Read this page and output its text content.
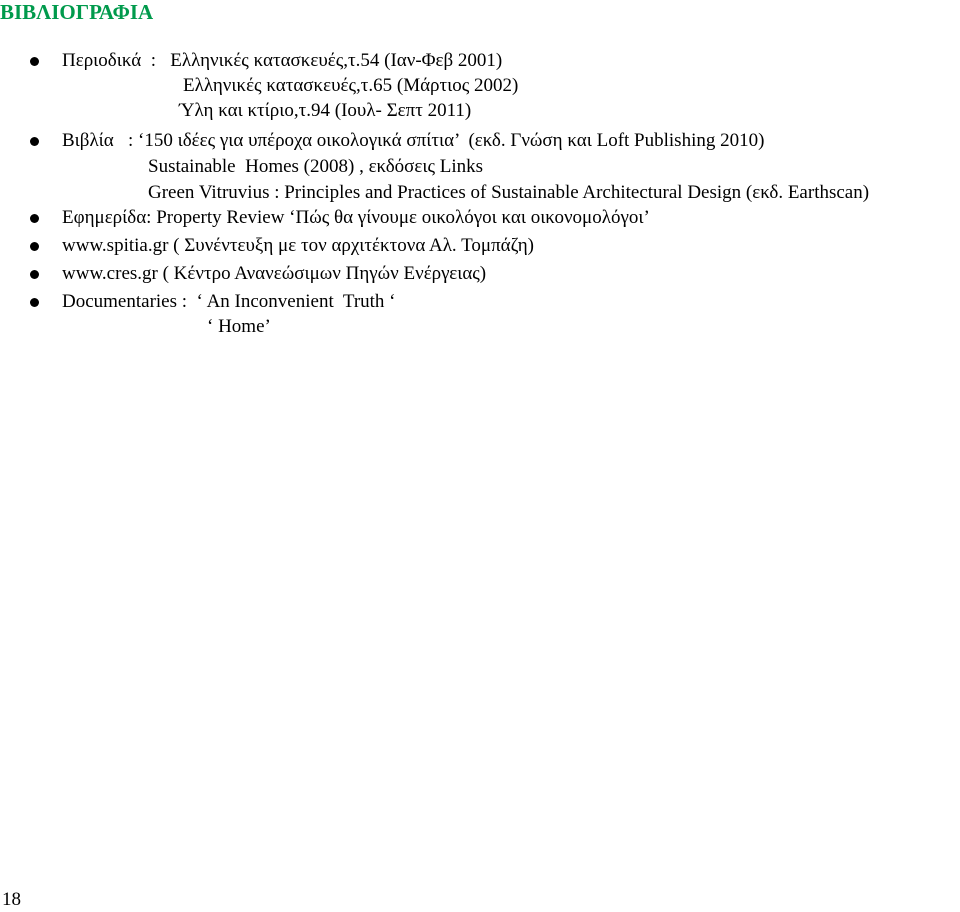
ΒΙΒΛΙΟΓΡΑΦΙΑ
Περιοδικά  :   Ελληνικές κατασκευές,τ.54 (Ιαν-Φεβ 2001)
Ελληνικές κατασκευές,τ.65 (Μάρτιος 2002)
Ύλη και κτίριο,τ.94 (Ιουλ- Σεπτ 2011)
Βιβλία   : ‘150 ιδέες για υπέροχα οικολογικά σπίτια’  (εκδ. Γνώση και Loft Publishing 2010)
Sustainable  Homes (2008) , εκδόσεις Links
Green Vitruvius : Principles and Practices of Sustainable Architectural Design (εκδ. Earthscan)
Εφημερίδα: Property Review ‘Πώς θα γίνουμε οικολόγοι και οικονομολόγοι’
www.spitia.gr ( Συνέντευξη με τον αρχιτέκτονα Αλ. Τομπάζη)
www.cres.gr ( Κέντρο Ανανεώσιμων Πηγών Ενέργειας)
Documentaries :  ‘ An Inconvenient  Truth ‘
‘ Home’
18
